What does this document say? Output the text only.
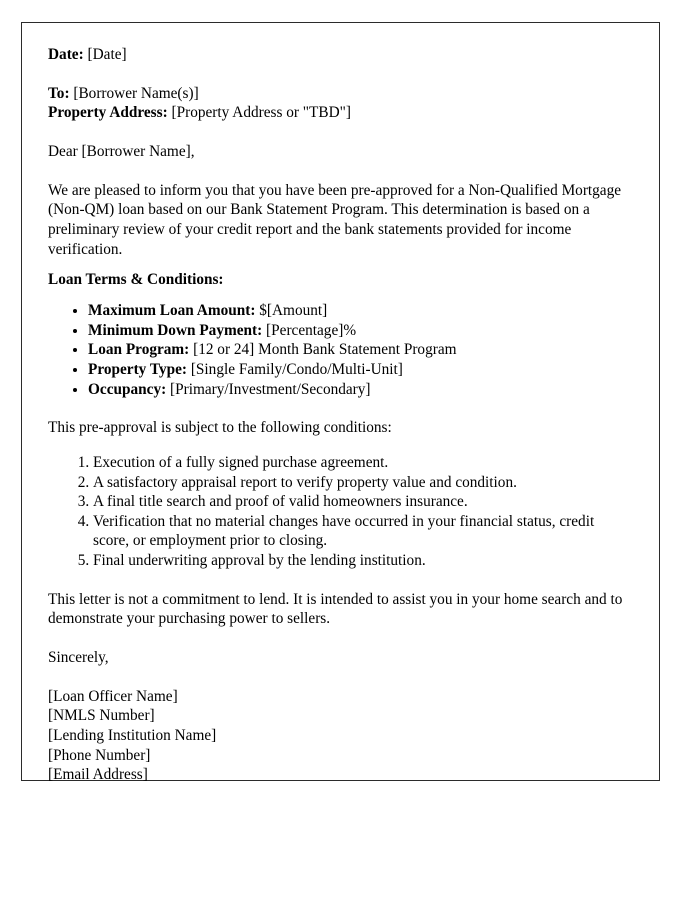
Date: [Date]

To: [Borrower Name(s)]

Property Address: [Property Address or "TBD"]

Dear [Borrower Name],

We are pleased to inform you that you have been pre-approved for a Non-Qualified Mortgage (Non-QM) loan based on our Bank Statement Program. This determination is based on a preliminary review of your credit report and the bank statements provided for income verification.

Loan Terms & Conditions:

• Maximum Loan Amount: $[Amount]
• Minimum Down Payment: [Percentage]%
• Loan Program: [12 or 24] Month Bank Statement Program
• Property Type: [Single Family/Condo/Multi-Unit]
• Occupancy: [Primary/Investment/Secondary]

This pre-approval is subject to the following conditions:

1. Execution of a fully signed purchase agreement.
2. A satisfactory appraisal report to verify property value and condition.
3. A final title search and proof of valid homeowners insurance.
4. Verification that no material changes have occurred in your financial status, credit score, or employment prior to closing.
5. Final underwriting approval by the lending institution.

This letter is not a commitment to lend. It is intended to assist you in your home search and to demonstrate your purchasing power to sellers.

Sincerely,

[Loan Officer Name]

[NMLS Number]

[Lending Institution Name]

[Phone Number]

[Email Address]
